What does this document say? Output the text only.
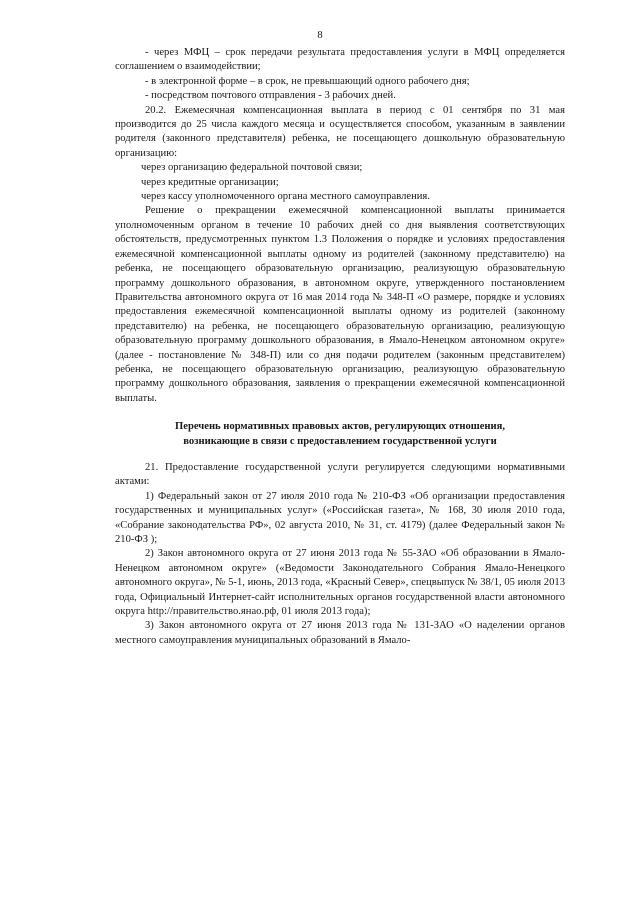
8

- через МФЦ – срок передачи результата предоставления услуги в МФЦ определяется соглашением о взаимодействии;

- в электронной форме – в срок, не превышающий одного рабочего дня;

- посредством почтового отправления - 3 рабочих дней.

20.2. Ежемесячная компенсационная выплата в период с 01 сентября по 31 мая производится до 25 числа каждого месяца и осуществляется способом, указанным в заявлении родителя (законного представителя) ребенка, не посещающего дошкольную образовательную организацию:

через организацию федеральной почтовой связи;

через кредитные организации;

через кассу уполномоченного органа местного самоуправления.

Решение о прекращении ежемесячной компенсационной выплаты принимается уполномоченным органом в течение 10 рабочих дней со дня выявления соответствующих обстоятельств, предусмотренных пунктом 1.3 Положения о порядке и условиях предоставления ежемесячной компенсационной выплаты одному из родителей (законному представителю) на ребенка, не посещающего образовательную организацию, реализующую образовательную программу дошкольного образования, в автономном округе, утвержденного постановлением Правительства автономного округа от 16 мая 2014 года № 348-П «О размере, порядке и условиях предоставления ежемесячной компенсационной выплаты одному из родителей (законному представителю) на ребенка, не посещающего образовательную организацию, реализующую образовательную программу дошкольного образования, в Ямало-Ненецком автономном округе» (далее - постановление № 348-П) или со дня подачи родителем (законным представителем) ребенка, не посещающего образовательную организацию, реализующую образовательную программу дошкольного образования, заявления о прекращении ежемесячной компенсационной выплаты.

Перечень нормативных правовых актов, регулирующих отношения,
возникающие в связи с предоставлением государственной услуги

21. Предоставление государственной услуги регулируется следующими нормативными актами:

1) Федеральный закон от 27 июля 2010 года № 210-ФЗ «Об организации предоставления государственных и муниципальных услуг» («Российская газета», № 168, 30 июля 2010 года, «Собрание законодательства РФ», 02 августа 2010, № 31, ст. 4179) (далее Федеральный закон № 210-ФЗ );

2) Закон автономного округа от 27 июня 2013 года № 55-ЗАО «Об образовании в Ямало-Ненецком автономном округе» («Ведомости Законодательного Собрания Ямало-Ненецкого автономного округа», № 5-1, июнь, 2013 года, «Красный Север», спецвыпуск № 38/1, 05 июля 2013 года, Официальный Интернет-сайт исполнительных органов государственной власти автономного округа http://правительство.янао.рф, 01 июля 2013 года);

3) Закон автономного округа от 27 июня 2013 года № 131-ЗАО «О наделении органов местного самоуправления муниципальных образований в Ямало-
